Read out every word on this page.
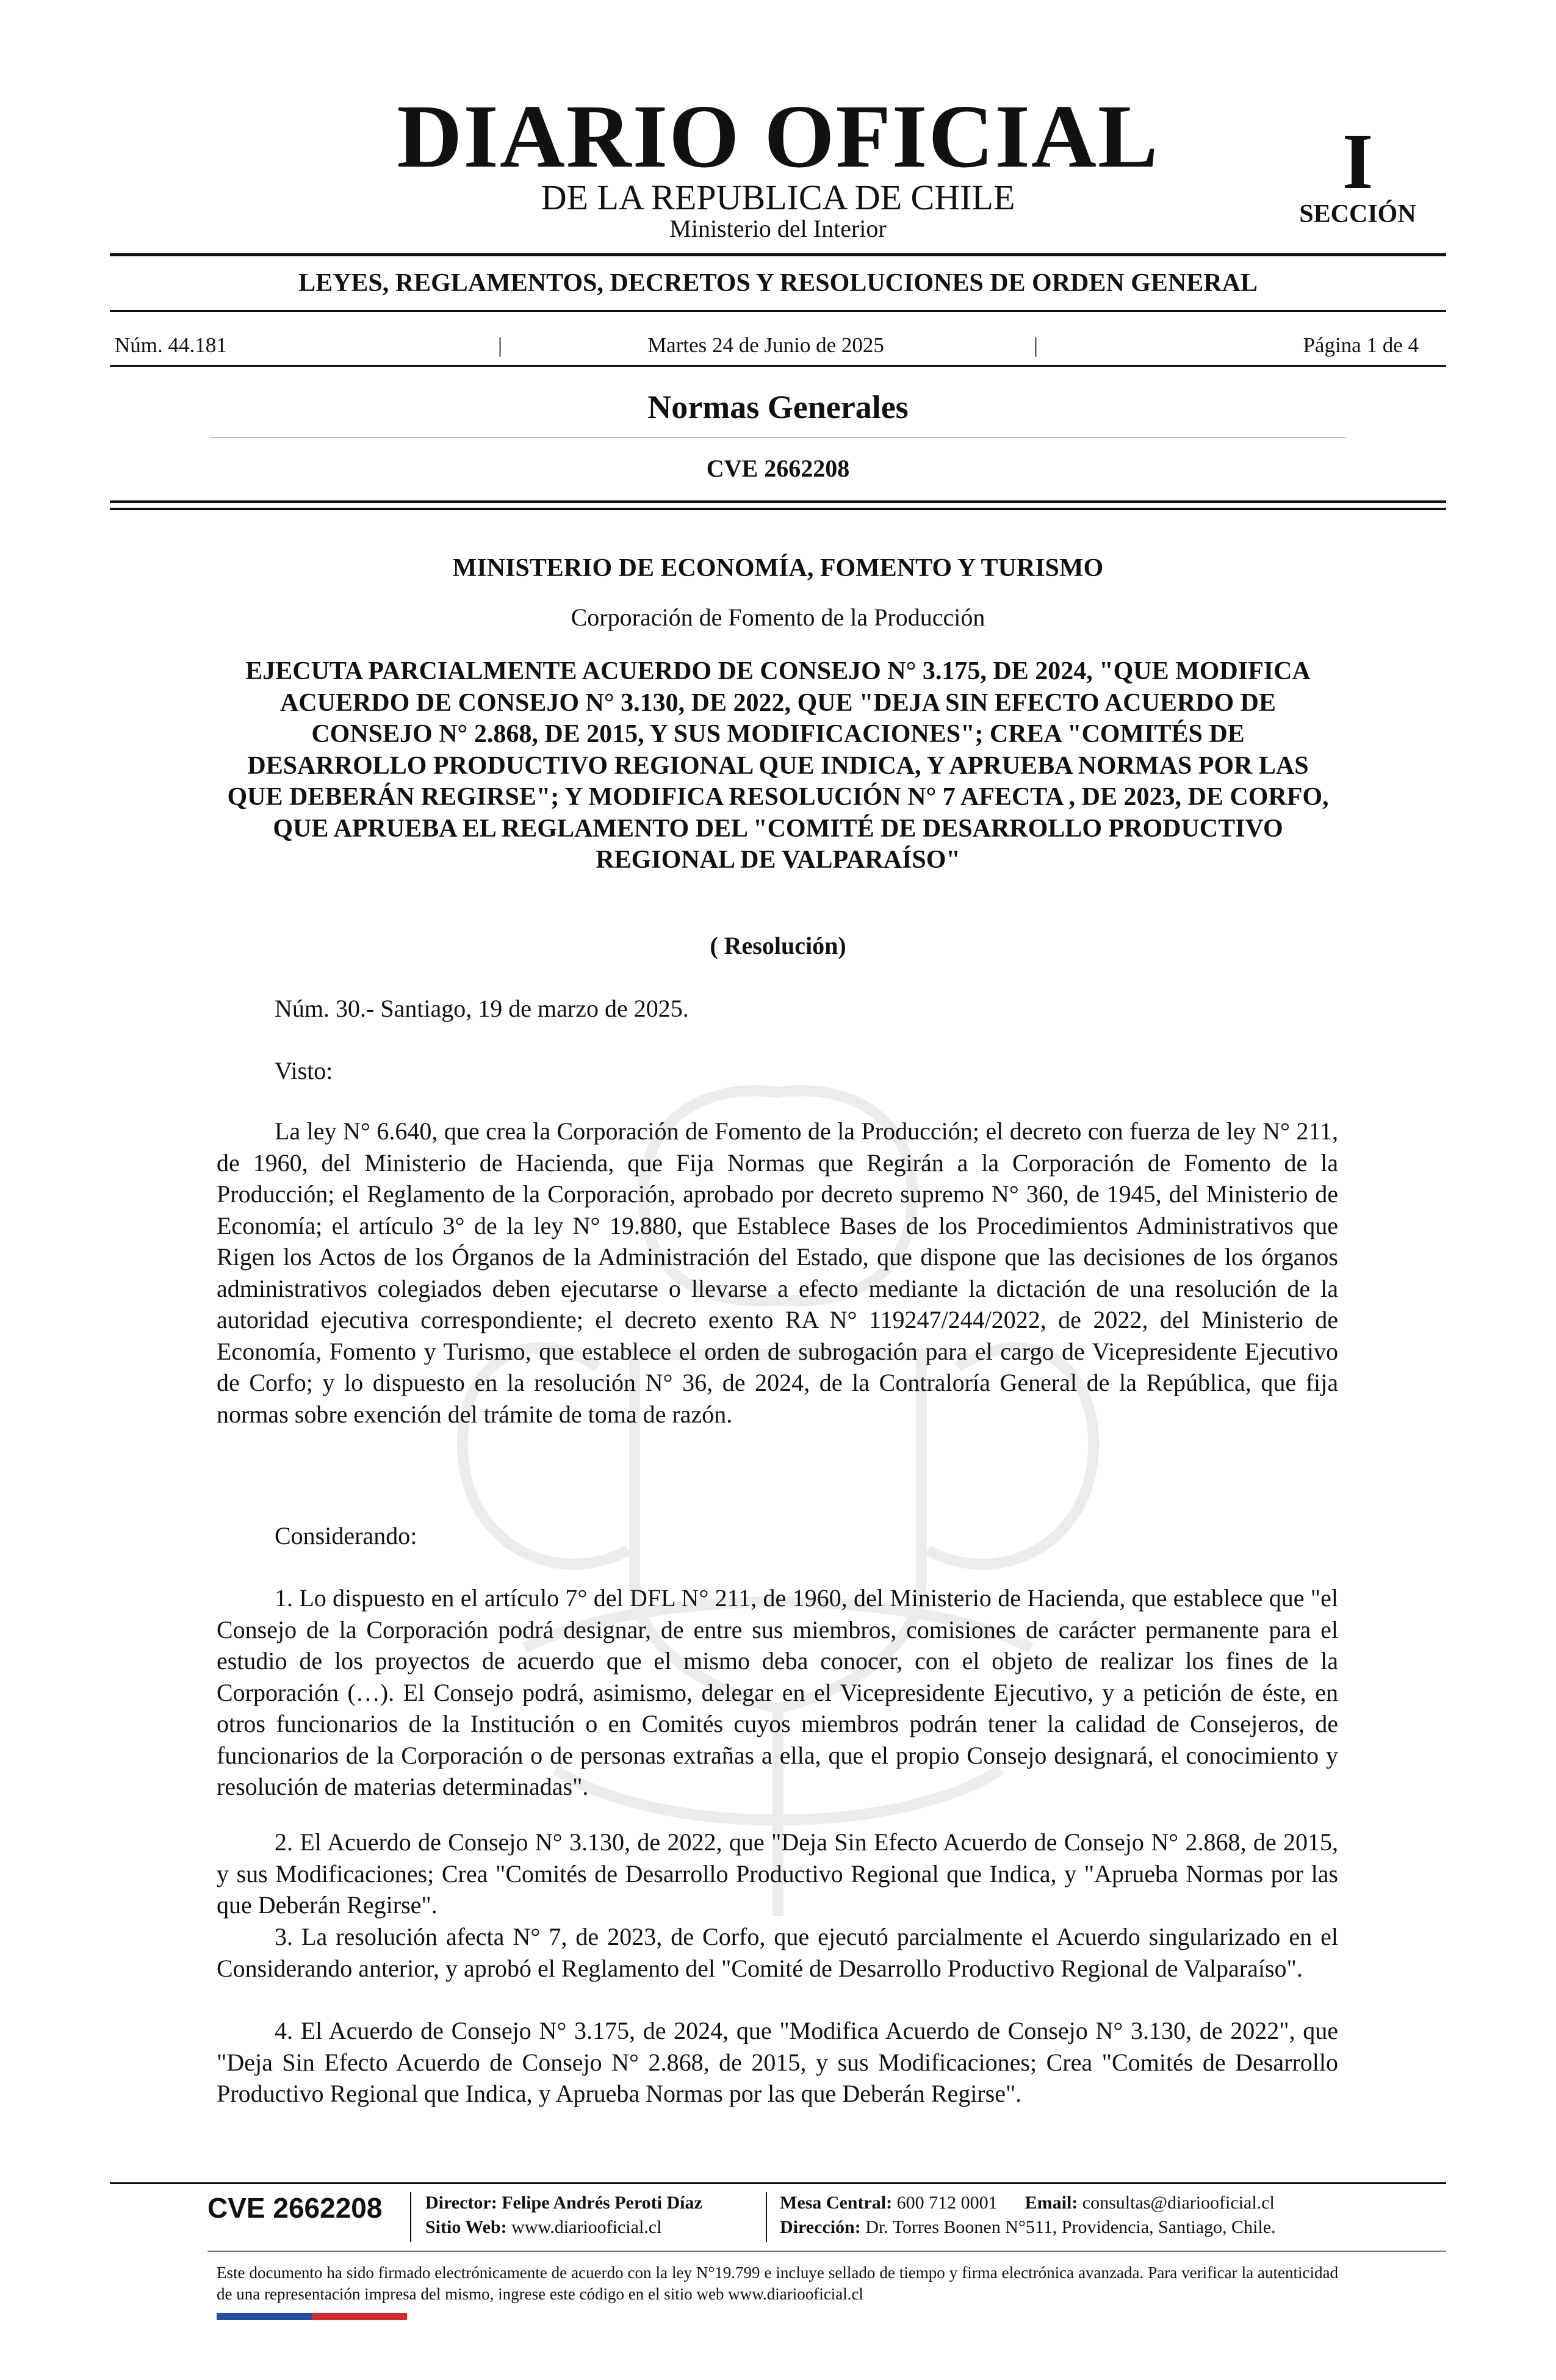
DIARIO OFICIAL
DE LA REPUBLICA DE CHILE
Ministerio del Interior
I
SECCIÓN
LEYES, REGLAMENTOS, DECRETOS Y RESOLUCIONES DE ORDEN GENERAL
Núm. 44.181	|	Martes 24 de Junio de 2025	|	Página 1 de 4
Normas Generales
CVE 2662208
MINISTERIO DE ECONOMÍA, FOMENTO Y TURISMO
Corporación de Fomento de la Producción
EJECUTA PARCIALMENTE ACUERDO DE CONSEJO N° 3.175, DE 2024, "QUE MODIFICA ACUERDO DE CONSEJO N° 3.130, DE 2022, QUE "DEJA SIN EFECTO ACUERDO DE CONSEJO N° 2.868, DE 2015, Y SUS MODIFICACIONES"; CREA "COMITÉS DE DESARROLLO PRODUCTIVO REGIONAL QUE INDICA, Y APRUEBA NORMAS POR LAS QUE DEBERÁN REGIRSE"; Y MODIFICA RESOLUCIÓN N° 7 AFECTA , DE 2023, DE CORFO, QUE APRUEBA EL REGLAMENTO DEL "COMITÉ DE DESARROLLO PRODUCTIVO REGIONAL DE VALPARAÍSO"
( Resolución)

Núm. 30.- Santiago, 19 de marzo de 2025.

Visto:

La ley N° 6.640, que crea la Corporación de Fomento de la Producción; el decreto con fuerza de ley N° 211, de 1960, del Ministerio de Hacienda, que Fija Normas que Regirán a la Corporación de Fomento de la Producción; el Reglamento de la Corporación, aprobado por decreto supremo N° 360, de 1945, del Ministerio de Economía; el artículo 3° de la ley N° 19.880, que Establece Bases de los Procedimientos Administrativos que Rigen los Actos de los Órganos de la Administración del Estado, que dispone que las decisiones de los órganos administrativos colegiados deben ejecutarse o llevarse a efecto mediante la dictación de una resolución de la autoridad ejecutiva correspondiente; el decreto exento RA N° 119247/244/2022, de 2022, del Ministerio de Economía, Fomento y Turismo, que establece el orden de subrogación para el cargo de Vicepresidente Ejecutivo de Corfo; y lo dispuesto en la resolución N° 36, de 2024, de la Contraloría General de la República, que fija normas sobre exención del trámite de toma de razón.

Considerando:

1. Lo dispuesto en el artículo 7° del DFL N° 211, de 1960, del Ministerio de Hacienda, que establece que "el Consejo de la Corporación podrá designar, de entre sus miembros, comisiones de carácter permanente para el estudio de los proyectos de acuerdo que el mismo deba conocer, con el objeto de realizar los fines de la Corporación (…). El Consejo podrá, asimismo, delegar en el Vicepresidente Ejecutivo, y a petición de éste, en otros funcionarios de la Institución o en Comités cuyos miembros podrán tener la calidad de Consejeros, de funcionarios de la Corporación o de personas extrañas a ella, que el propio Consejo designará, el conocimiento y resolución de materias determinadas".

2. El Acuerdo de Consejo N° 3.130, de 2022, que "Deja Sin Efecto Acuerdo de Consejo N° 2.868, de 2015, y sus Modificaciones; Crea "Comités de Desarrollo Productivo Regional que Indica, y "Aprueba Normas por las que Deberán Regirse".

3. La resolución afecta N° 7, de 2023, de Corfo, que ejecutó parcialmente el Acuerdo singularizado en el Considerando anterior, y aprobó el Reglamento del "Comité de Desarrollo Productivo Regional de Valparaíso".

4. El Acuerdo de Consejo N° 3.175, de 2024, que "Modifica Acuerdo de Consejo N° 3.130, de 2022", que "Deja Sin Efecto Acuerdo de Consejo N° 2.868, de 2015, y sus Modificaciones; Crea "Comités de Desarrollo Productivo Regional que Indica, y Aprueba Normas por las que Deberán Regirse".

CVE 2662208 Director: Felipe Andrés Peroti Díaz
Sitio Web: www.diariooficial.cl
Mesa Central: 600 712 0001 Email: consultas@diariooficial.cl
Dirección: Dr. Torres Boonen N°511, Providencia, Santiago, Chile.
Este documento ha sido firmado electrónicamente de acuerdo con la ley N°19.799 e incluye sellado de tiempo y firma electrónica avanzada. Para verificar la autenticidad de una representación impresa del mismo, ingrese este código en el sitio web www.diariooficial.cl
